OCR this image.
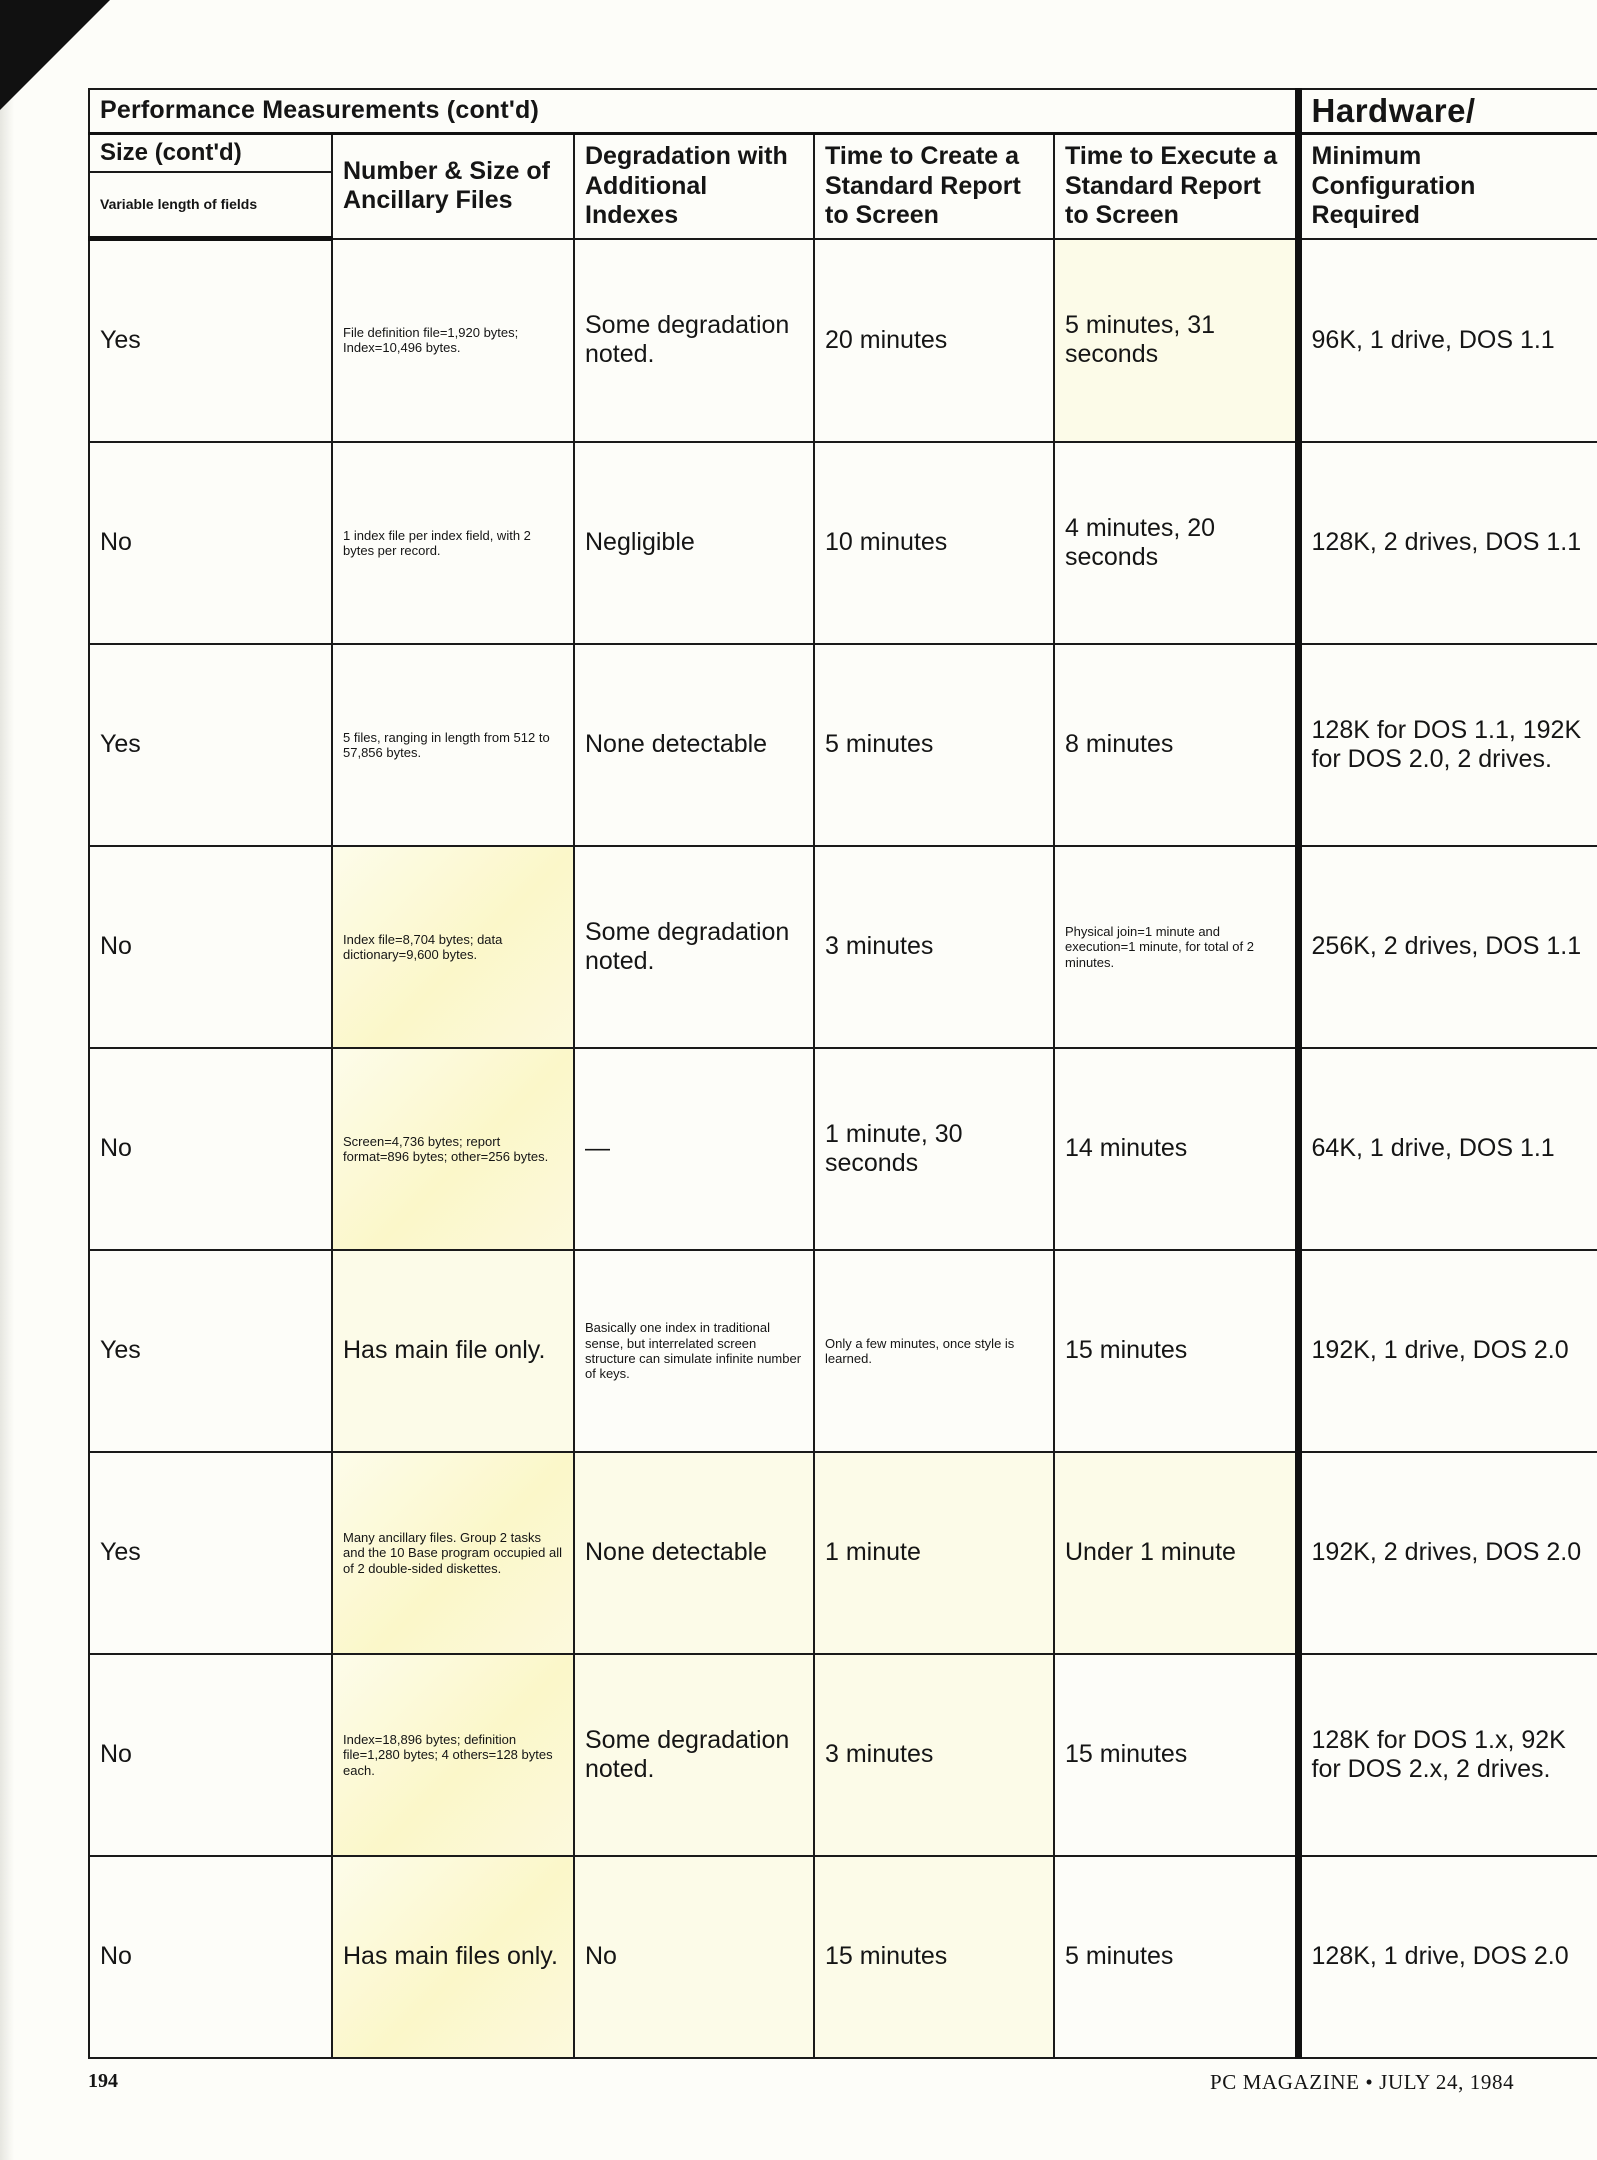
Performance Measurements (cont'd)					Hardware/
Size (cont'd)	Number & Size of Ancillary Files	Degradation with Additional Indexes	Time to Create a Standard Report to Screen	Time to Execute a Standard Report to Screen	Minimum Configuration Required
Variable length of fields					
Yes	File definition file=1,920 bytes; Index=10,496 bytes.	Some degradation noted.	20 minutes	5 minutes, 31 seconds	96K, 1 drive, DOS 1.1
No	1 index file per index field, with 2 bytes per record.	Negligible	10 minutes	4 minutes, 20 seconds	128K, 2 drives, DOS 1.1
Yes	5 files, ranging in length from 512 to 57,856 bytes.	None detectable	5 minutes	8 minutes	128K for DOS 1.1, 192K for DOS 2.0, 2 drives.
No	Index file=8,704 bytes; data dictionary=9,600 bytes.	Some degradation noted.	3 minutes	Physical join=1 minute and execution=1 minute, for total of 2 minutes.	256K, 2 drives, DOS 1.1
No	Screen=4,736 bytes; report format=896 bytes; other=256 bytes.	—	1 minute, 30 seconds	14 minutes	64K, 1 drive, DOS 1.1
Yes	Has main file only.	Basically one index in traditional sense, but interrelated screen structure can simulate infinite number of keys.	Only a few minutes, once style is learned.	15 minutes	192K, 1 drive, DOS 2.0
Yes	Many ancillary files. Group 2 tasks and the 10 Base program occupied all of 2 double-sided diskettes.	None detectable	1 minute	Under 1 minute	192K, 2 drives, DOS 2.0
No	Index=18,896 bytes; definition file=1,280 bytes; 4 others=128 bytes each.	Some degradation noted.	3 minutes	15 minutes	128K for DOS 1.x, 92K for DOS 2.x, 2 drives.
No	Has main files only.	No	15 minutes	5 minutes	128K, 1 drive, DOS 2.0
194	PC MAGAZINE • JULY 24, 1984
